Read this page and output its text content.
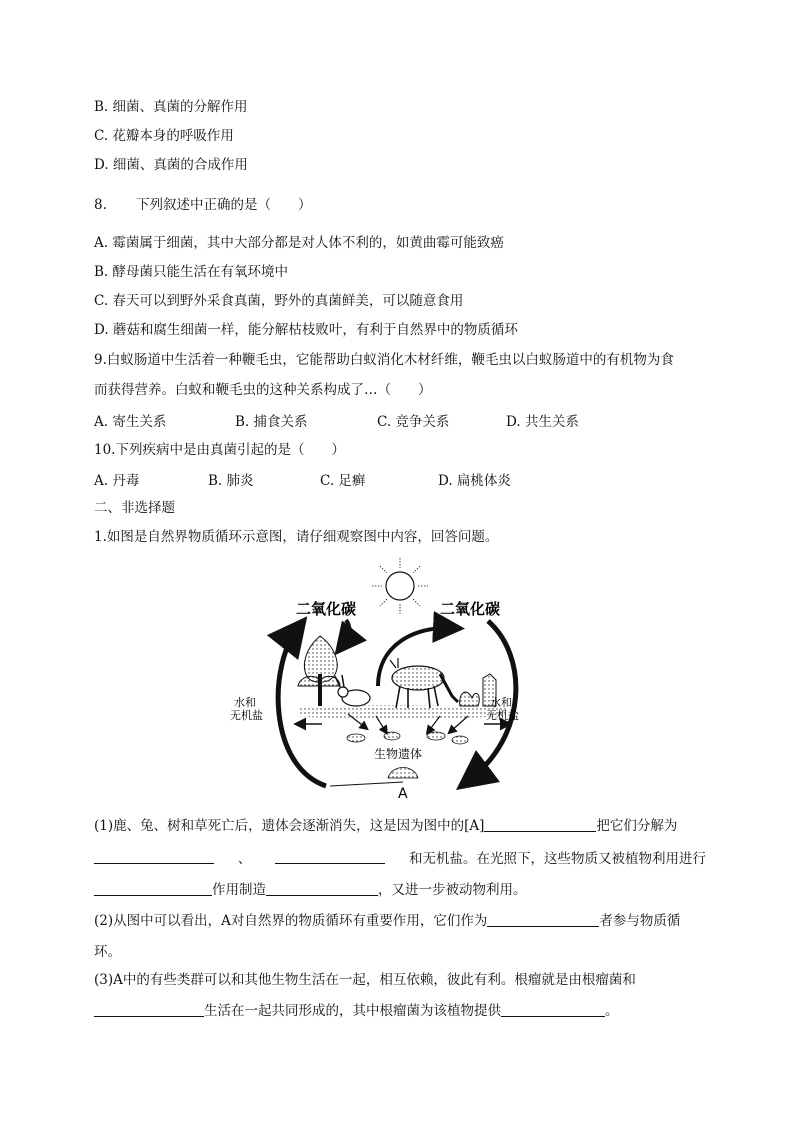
B. 细菌、真菌的分解作用
C. 花瓣本身的呼吸作用
D. 细菌、真菌的合成作用
8. 下列叙述中正确的是（　　）
A. 霉菌属于细菌，其中大部分都是对人体不利的，如黄曲霉可能致癌
B. 酵母菌只能生活在有氧环境中
C. 春天可以到野外采食真菌，野外的真菌鲜美，可以随意食用
D. 蘑菇和腐生细菌一样，能分解枯枝败叶，有利于自然界中的物质循环
9.白蚁肠道中生活着一种鞭毛虫，它能帮助白蚁消化木材纤维，鞭毛虫以白蚁肠道中的有机物为食
而获得营养。白蚁和鞭毛虫的这种关系构成了…（　　）
A. 寄生关系	B. 捕食关系	C. 竞争关系	D. 共生关系
10.下列疾病中是由真菌引起的是（　　）
A. 丹毒	B. 肺炎	C. 足癣	D. 扁桃体炎
二、非选择题
1.如图是自然界物质循环示意图，请仔细观察图中内容，回答问题。
二氧化碳	二氧化碳
水和
无机盐
水和
无机盐
生物遗体
A
(1)鹿、兔、树和草死亡后，遗体会逐渐消失，这是因为图中的[A]	把它们分解为
、	和无机盐。在光照下，这些物质又被植物利用进行
作用制造	，又进一步被动物利用。
(2)从图中可以看出，A对自然界的物质循环有重要作用，它们作为	者参与物质循
环。
(3)A中的有些类群可以和其他生物生活在一起，相互依赖，彼此有利。根瘤就是由根瘤菌和
生活在一起共同形成的，其中根瘤菌为该植物提供	。
